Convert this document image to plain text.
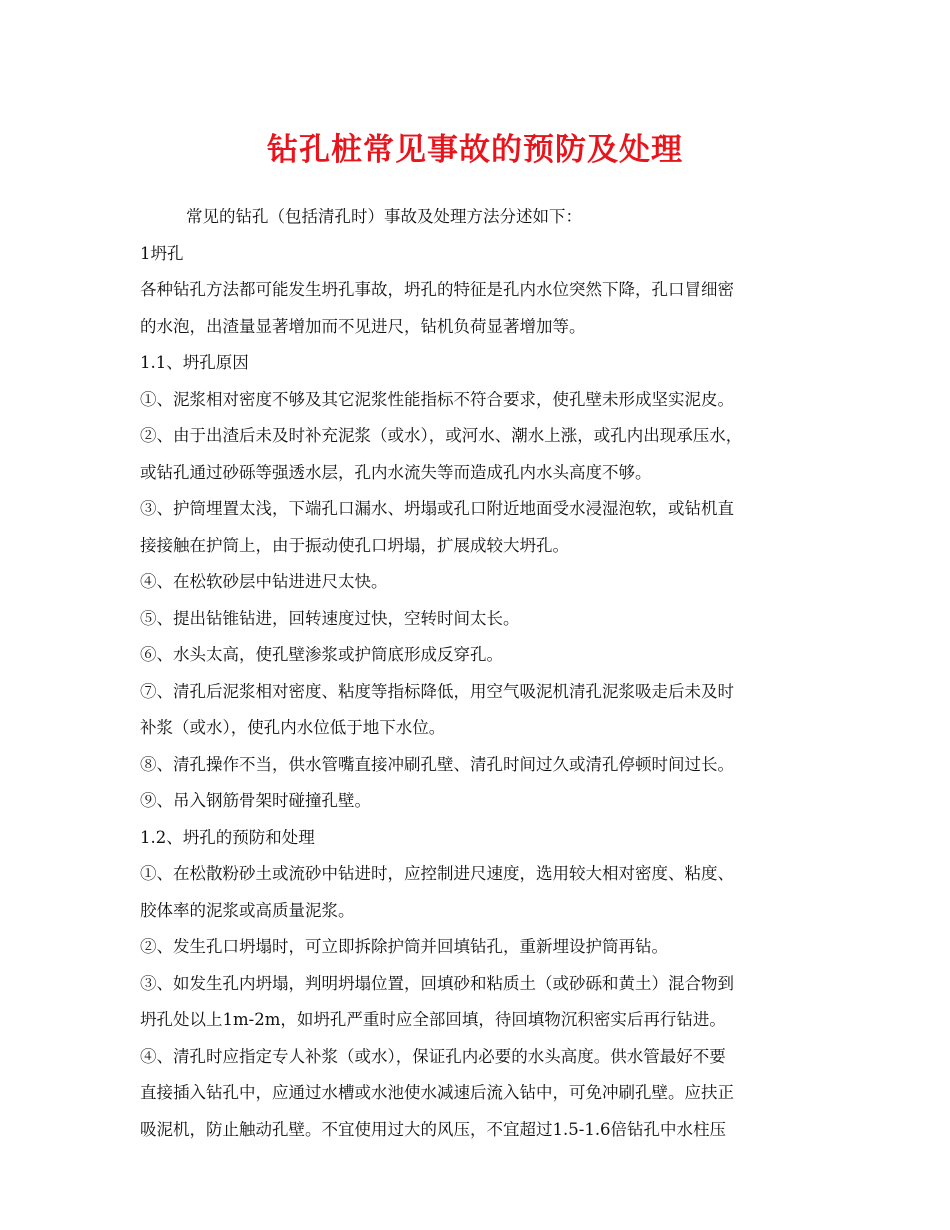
钻孔桩常见事故的预防及处理

常见的钻孔（包括清孔时）事故及处理方法分述如下：

1坍孔

各种钻孔方法都可能发生坍孔事故，坍孔的特征是孔内水位突然下降，孔口冒细密

的水泡，出渣量显著增加而不见进尺，钻机负荷显著增加等。

1.1、坍孔原因

①、泥浆相对密度不够及其它泥浆性能指标不符合要求，使孔壁未形成坚实泥皮。

②、由于出渣后未及时补充泥浆（或水），或河水、潮水上涨，或孔内出现承压水，

或钻孔通过砂砾等强透水层，孔内水流失等而造成孔内水头高度不够。

③、护筒埋置太浅，下端孔口漏水、坍塌或孔口附近地面受水浸湿泡软，或钻机直

接接触在护筒上，由于振动使孔口坍塌，扩展成较大坍孔。

④、在松软砂层中钻进进尺太快。

⑤、提出钻锥钻进，回转速度过快，空转时间太长。

⑥、水头太高，使孔壁渗浆或护筒底形成反穿孔。

⑦、清孔后泥浆相对密度、粘度等指标降低，用空气吸泥机清孔泥浆吸走后未及时

补浆（或水），使孔内水位低于地下水位。

⑧、清孔操作不当，供水管嘴直接冲刷孔壁、清孔时间过久或清孔停顿时间过长。

⑨、吊入钢筋骨架时碰撞孔壁。

1.2、坍孔的预防和处理

①、在松散粉砂土或流砂中钻进时，应控制进尺速度，选用较大相对密度、粘度、

胶体率的泥浆或高质量泥浆。

②、发生孔口坍塌时，可立即拆除护筒并回填钻孔，重新埋设护筒再钻。

③、如发生孔内坍塌，判明坍塌位置，回填砂和粘质土（或砂砾和黄土）混合物到

坍孔处以上1m-2m，如坍孔严重时应全部回填，待回填物沉积密实后再行钻进。

④、清孔时应指定专人补浆（或水），保证孔内必要的水头高度。供水管最好不要

直接插入钻孔中，应通过水槽或水池使水减速后流入钻中，可免冲刷孔壁。应扶正

吸泥机，防止触动孔壁。不宜使用过大的风压，不宜超过1.5-1.6倍钻孔中水柱压
